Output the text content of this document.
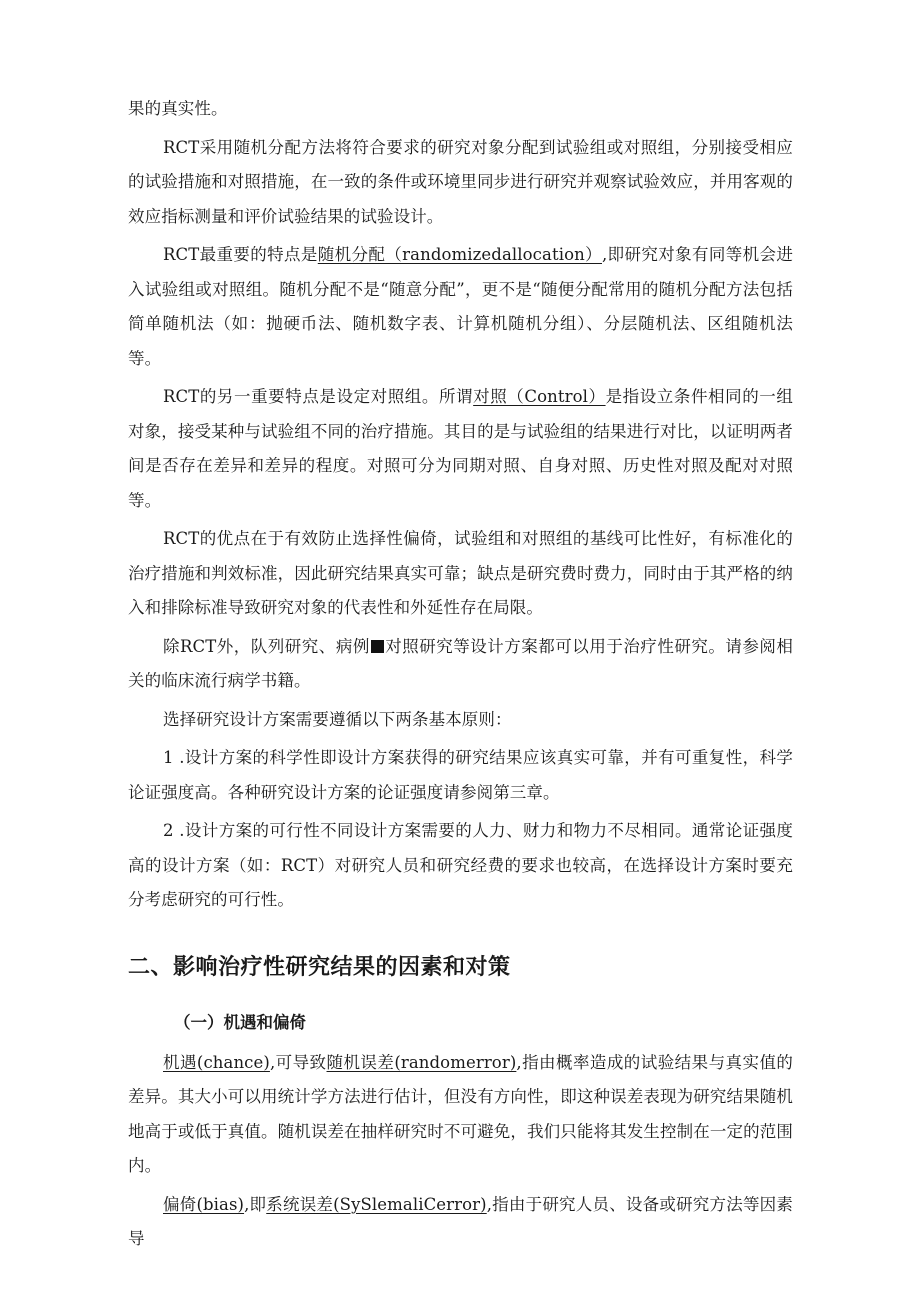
果的真实性。

RCT采用随机分配方法将符合要求的研究对象分配到试验组或对照组，分别接受相应的试验措施和对照措施，在一致的条件或环境里同步进行研究并观察试验效应，并用客观的效应指标测量和评价试验结果的试验设计。

RCT最重要的特点是随机分配（randomizedallocation）,即研究对象有同等机会进入试验组或对照组。随机分配不是“随意分配”，更不是“随便分配常用的随机分配方法包括简单随机法（如：抛硬币法、随机数字表、计算机随机分组）、分层随机法、区组随机法等。

RCT的另一重要特点是设定对照组。所谓对照（Control）是指设立条件相同的一组对象，接受某种与试验组不同的治疗措施。其目的是与试验组的结果进行对比，以证明两者间是否存在差异和差异的程度。对照可分为同期对照、自身对照、历史性对照及配对对照等。

RCT的优点在于有效防止选择性偏倚，试验组和对照组的基线可比性好，有标准化的治疗措施和判效标准，因此研究结果真实可靠；缺点是研究费时费力，同时由于其严格的纳入和排除标准导致研究对象的代表性和外延性存在局限。

除RCT外，队列研究、病例 对照研究等设计方案都可以用于治疗性研究。请参阅相关的临床流行病学书籍。

选择研究设计方案需要遵循以下两条基本原则：

1 .设计方案的科学性即设计方案获得的研究结果应该真实可靠，并有可重复性，科学论证强度高。各种研究设计方案的论证强度请参阅第三章。

2 .设计方案的可行性不同设计方案需要的人力、财力和物力不尽相同。通常论证强度高的设计方案（如：RCT）对研究人员和研究经费的要求也较高，在选择设计方案时要充分考虑研究的可行性。

二、影响治疗性研究结果的因素和对策
（一）机遇和偏倚

机遇(chance),可导致随机误差(randomerror),指由概率造成的试验结果与真实值的差异。其大小可以用统计学方法进行估计，但没有方向性，即这种误差表现为研究结果随机地高于或低于真值。随机误差在抽样研究时不可避免，我们只能将其发生控制在一定的范围内。

偏倚(bias),即系统误差(SySlemaliCerror),指由于研究人员、设备或研究方法等因素导
